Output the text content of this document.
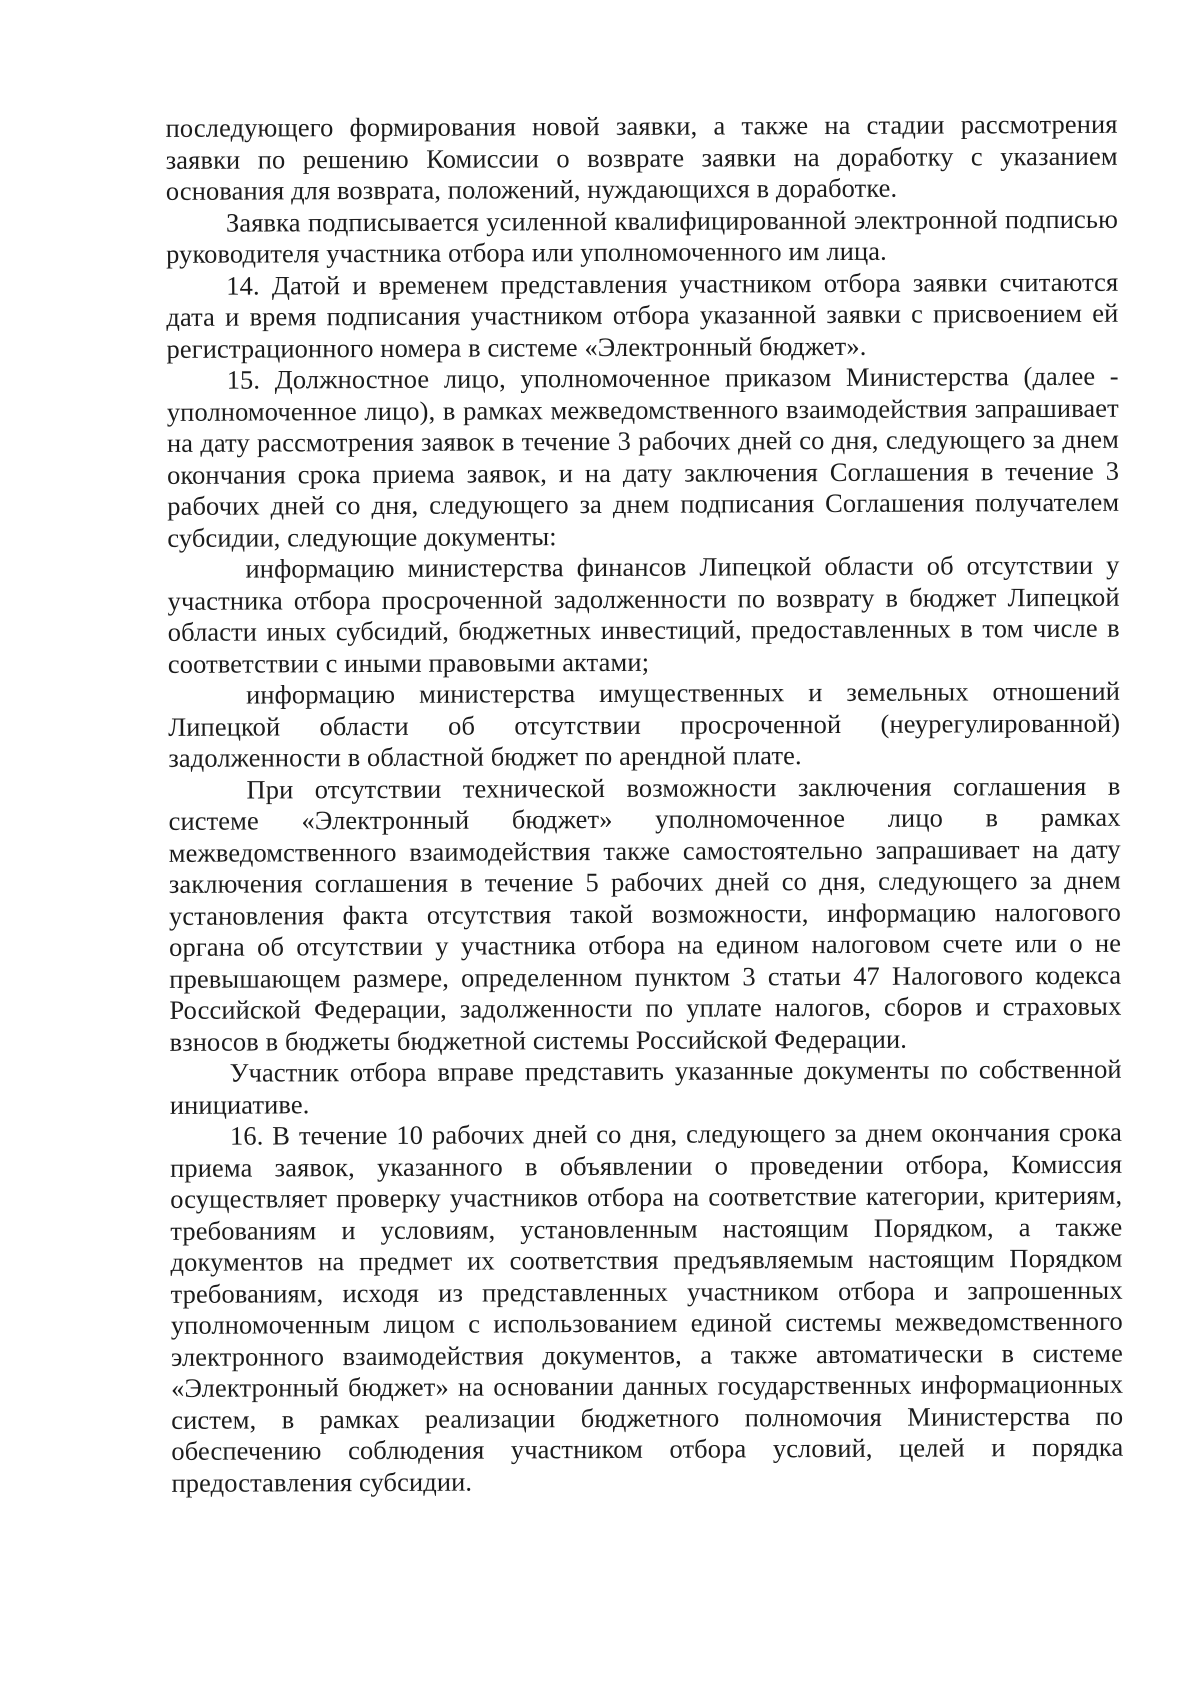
последующего формирования новой заявки, а также на стадии рассмотрения заявки по решению Комиссии о возврате заявки на доработку с указанием основания для возврата, положений, нуждающихся в доработке.

Заявка подписывается усиленной квалифицированной электронной подписью руководителя участника отбора или уполномоченного им лица.

14. Датой и временем представления участником отбора заявки считаются дата и время подписания участником отбора указанной заявки с присвоением ей регистрационного номера в системе «Электронный бюджет».

15. Должностное лицо, уполномоченное приказом Министерства (далее - уполномоченное лицо), в рамках межведомственного взаимодействия запрашивает на дату рассмотрения заявок в течение 3 рабочих дней со дня, следующего за днем окончания срока приема заявок, и на дату заключения Соглашения в течение 3 рабочих дней со дня, следующего за днем подписания Соглашения получателем субсидии, следующие документы:

информацию министерства финансов Липецкой области об отсутствии у участника отбора просроченной задолженности по возврату в бюджет Липецкой области иных субсидий, бюджетных инвестиций, предоставленных в том числе в соответствии с иными правовыми актами;

информацию министерства имущественных и земельных отношений Липецкой области об отсутствии просроченной (неурегулированной) задолженности в областной бюджет по арендной плате.

При отсутствии технической возможности заключения соглашения в системе «Электронный бюджет» уполномоченное лицо в рамках межведомственного взаимодействия также самостоятельно запрашивает на дату заключения соглашения в течение 5 рабочих дней со дня, следующего за днем установления факта отсутствия такой возможности, информацию налогового органа об отсутствии у участника отбора на едином налоговом счете или о не превышающем размере, определенном пунктом 3 статьи 47 Налогового кодекса Российской Федерации, задолженности по уплате налогов, сборов и страховых взносов в бюджеты бюджетной системы Российской Федерации.

Участник отбора вправе представить указанные документы по собственной инициативе.

16. В течение 10 рабочих дней со дня, следующего за днем окончания срока приема заявок, указанного в объявлении о проведении отбора, Комиссия осуществляет проверку участников отбора на соответствие категории, критериям, требованиям и условиям, установленным настоящим Порядком, а также документов на предмет их соответствия предъявляемым настоящим Порядком требованиям, исходя из представленных участником отбора и запрошенных уполномоченным лицом с использованием единой системы межведомственного электронного взаимодействия документов, а также автоматически в системе «Электронный бюджет» на основании данных государственных информационных систем, в рамках реализации бюджетного полномочия Министерства по обеспечению соблюдения участником отбора условий, целей и порядка предоставления субсидии.
